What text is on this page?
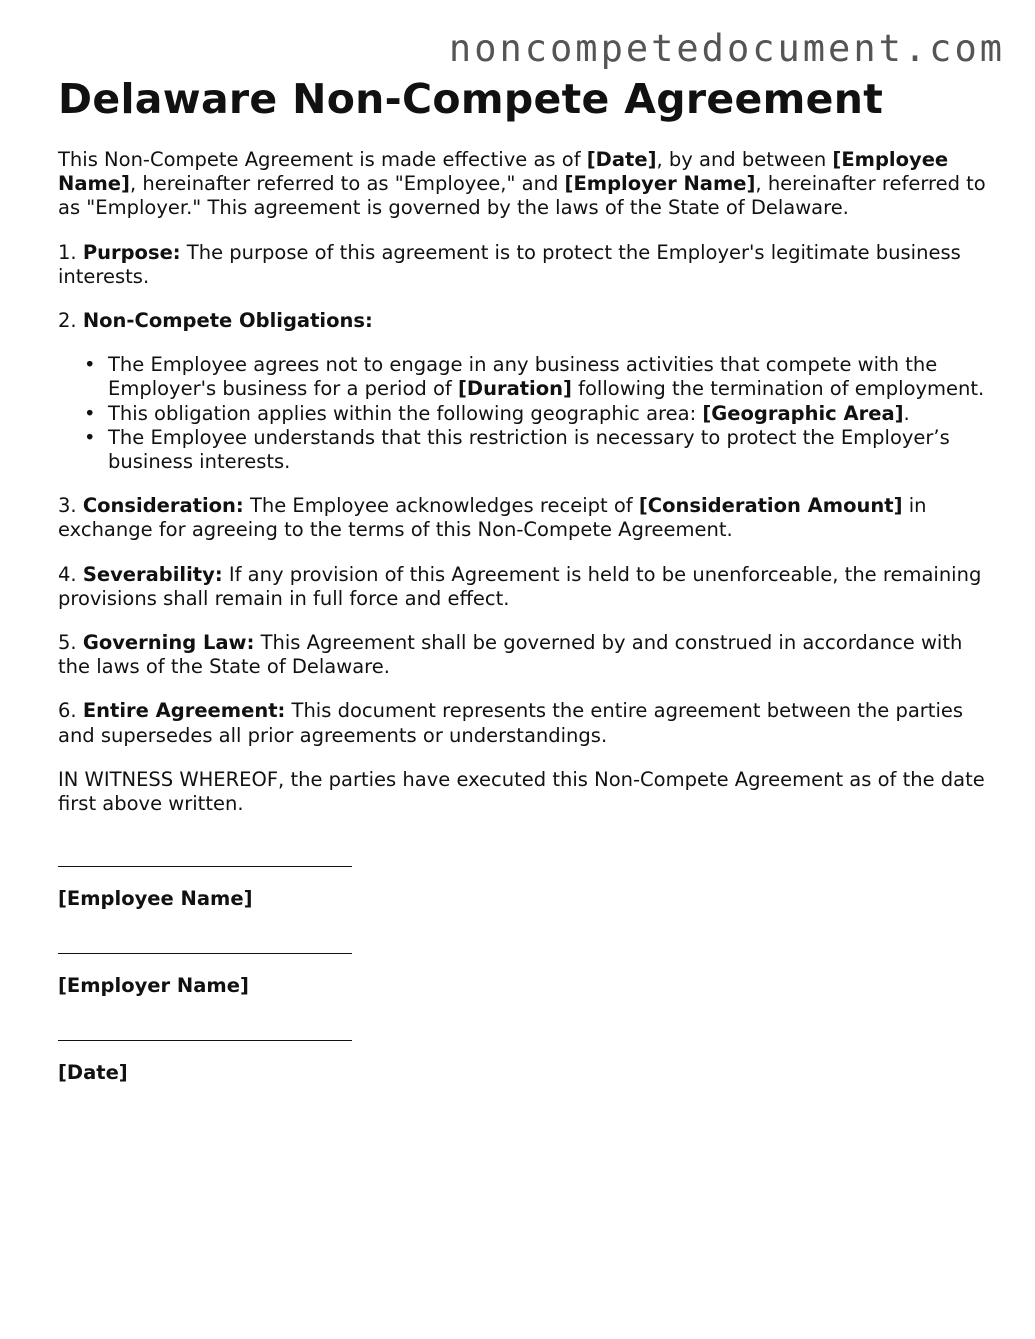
noncompetedocument.com
Delaware Non-Compete Agreement

This Non-Compete Agreement is made effective as of [Date], by and between [Employee Name], hereinafter referred to as "Employee," and [Employer Name], hereinafter referred to as "Employer." This agreement is governed by the laws of the State of Delaware.

1. Purpose: The purpose of this agreement is to protect the Employer's legitimate business interests.

2. Non-Compete Obligations:

• The Employee agrees not to engage in any business activities that compete with the Employer's business for a period of [Duration] following the termination of employment.
• This obligation applies within the following geographic area: [Geographic Area].
• The Employee understands that this restriction is necessary to protect the Employer’s business interests.

3. Consideration: The Employee acknowledges receipt of [Consideration Amount] in exchange for agreeing to the terms of this Non-Compete Agreement.

4. Severability: If any provision of this Agreement is held to be unenforceable, the remaining provisions shall remain in full force and effect.

5. Governing Law: This Agreement shall be governed by and construed in accordance with the laws of the State of Delaware.

6. Entire Agreement: This document represents the entire agreement between the parties and supersedes all prior agreements or understandings.

IN WITNESS WHEREOF, the parties have executed this Non-Compete Agreement as of the date first above written.

[Employee Name]
[Employer Name]
[Date]
